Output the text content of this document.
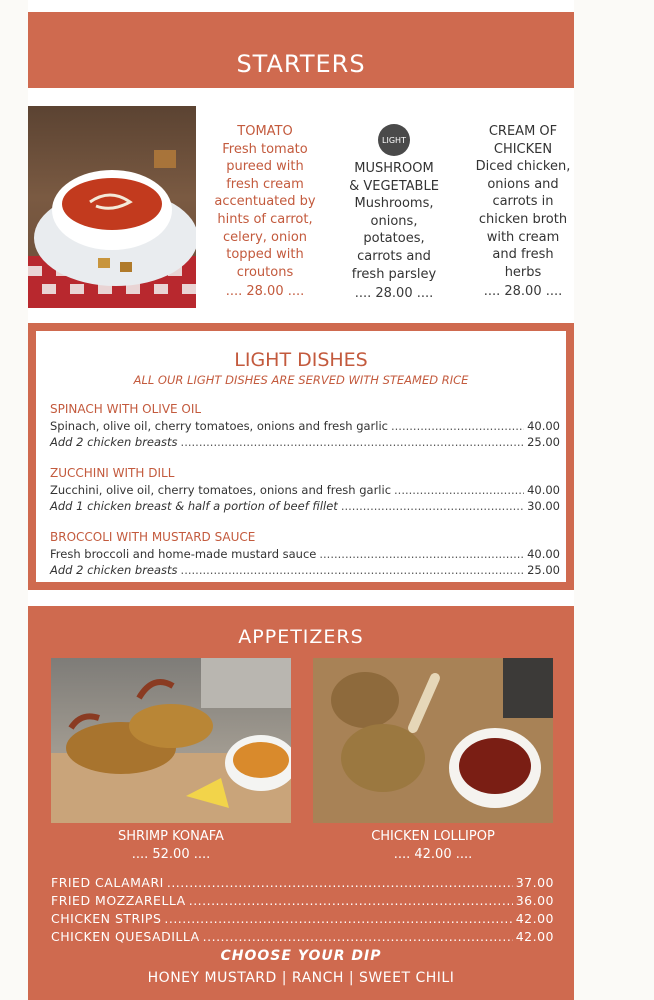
STARTERS
TOMATO
Fresh tomato
pureed with
fresh cream
accentuated by
hints of carrot,
celery, onion
topped with
croutons
.... 28.00 ....
LIGHT
MUSHROOM
& VEGETABLE
Mushrooms,
onions,
potatoes,
carrots and
fresh parsley
.... 28.00 ....
CREAM OF
CHICKEN
Diced chicken,
onions and
carrots in
chicken broth
with cream
and fresh
herbs
.... 28.00 ....
LIGHT DISHES
ALL OUR LIGHT DISHES ARE SERVED WITH STEAMED RICE
SPINACH WITH OLIVE OIL
Spinach, olive oil, cherry tomatoes, onions and fresh garlic .....	40.00
Add 2 chicken breasts .....	25.00
ZUCCHINI WITH DILL
Zucchini, olive oil, cherry tomatoes, onions and fresh garlic .....	40.00
Add 1 chicken breast & half a portion of beef fillet .....	30.00
BROCCOLI WITH MUSTARD SAUCE
Fresh broccoli and home-made mustard sauce .....	40.00
Add 2 chicken breasts .....	25.00
APPETIZERS
SHRIMP KONAFA
.... 52.00 ....
CHICKEN LOLLIPOP
.... 42.00 ....
FRIED CALAMARI .....	37.00
FRIED MOZZARELLA .....	36.00
CHICKEN STRIPS .....	42.00
CHICKEN QUESADILLA .....	42.00
CHOOSE YOUR DIP
HONEY MUSTARD | RANCH | SWEET CHILI
